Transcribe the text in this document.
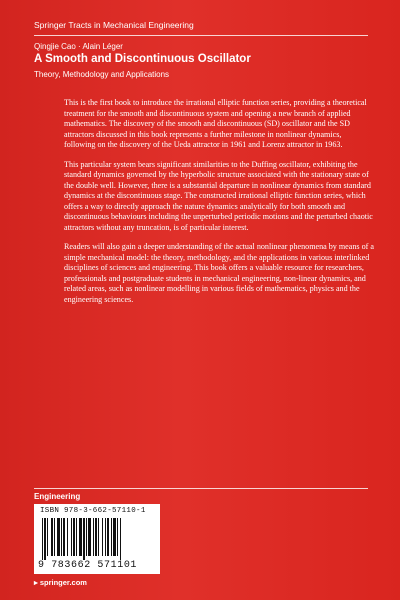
Springer Tracts in Mechanical Engineering
Qingjie Cao · Alain Léger
A Smooth and Discontinuous Oscillator
Theory, Methodology and Applications

This is the first book to introduce the irrational elliptic function series, providing a theoretical treatment for the smooth and discontinuous system and opening a new branch of applied mathematics. The discovery of the smooth and discontinuous (SD) oscillator and the SD attractors discussed in this book represents a further milestone in nonlinear dynamics, following on the discovery of the Ueda attractor in 1961 and Lorenz attractor in 1963.

This particular system bears significant similarities to the Duffing oscillator, exhibiting the standard dynamics governed by the hyperbolic structure associated with the stationary state of the double well. However, there is a substantial departure in nonlinear dynamics from standard dynamics at the discontinuous stage. The constructed irrational elliptic function series, which offers a way to directly approach the nature dynamics analytically for both smooth and discontinuous behaviours including the unperturbed periodic motions and the perturbed chaotic attractors without any truncation, is of particular interest.

Readers will also gain a deeper understanding of the actual nonlinear phenomena by means of a simple mechanical model: the theory, methodology, and the applications in various interlinked disciplines of sciences and engineering. This book offers a valuable resource for researchers, professionals and postgraduate students in mechanical engineering, non-linear dynamics, and related areas, such as nonlinear modelling in various fields of mathematics, physics and the engineering sciences.

Engineering
ISBN 978-3-662-57110-1
9 783662 571101
▸ springer.com
